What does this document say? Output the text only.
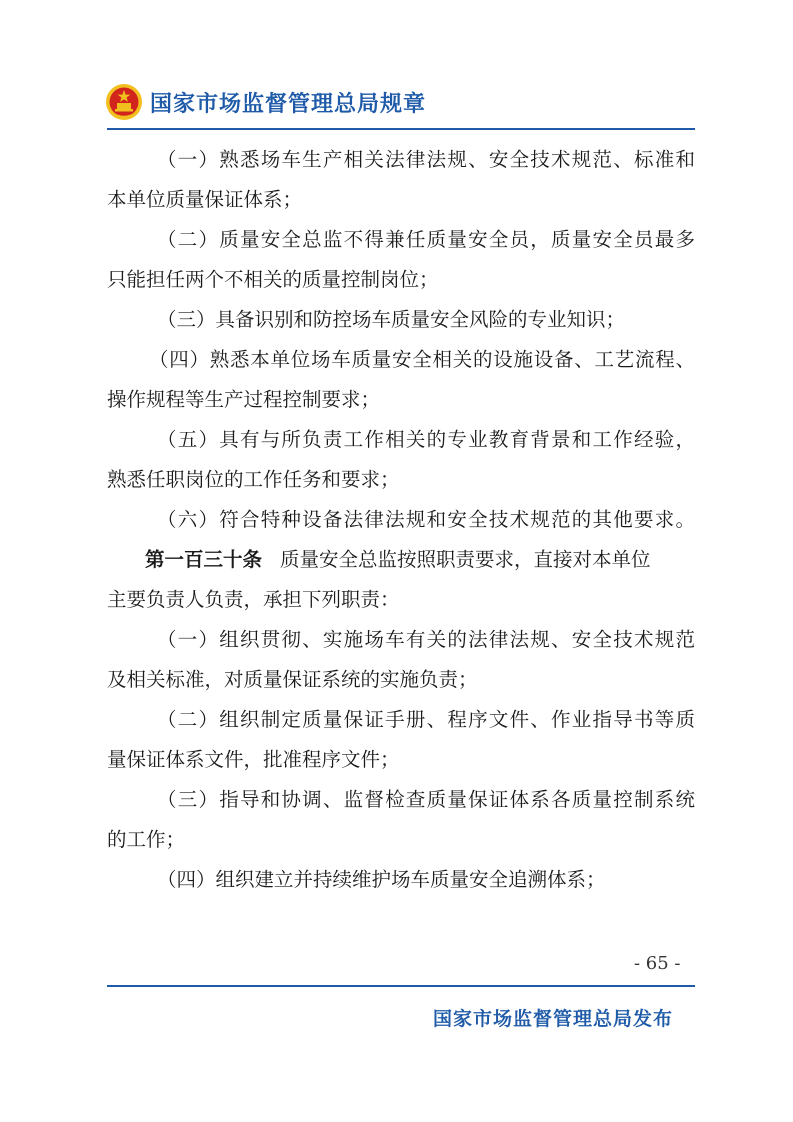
国家市场监督管理总局规章
（一）熟悉场车生产相关法律法规、安全技术规范、标准和
本单位质量保证体系；
（二）质量安全总监不得兼任质量安全员，质量安全员最多
只能担任两个不相关的质量控制岗位；
（三）具备识别和防控场车质量安全风险的专业知识；
（四）熟悉本单位场车质量安全相关的设施设备、工艺流程、
操作规程等生产过程控制要求；
（五）具有与所负责工作相关的专业教育背景和工作经验，
熟悉任职岗位的工作任务和要求；
（六）符合特种设备法律法规和安全技术规范的其他要求。
第一百三十条 质量安全总监按照职责要求，直接对本单位
主要负责人负责，承担下列职责：
（一）组织贯彻、实施场车有关的法律法规、安全技术规范
及相关标准，对质量保证系统的实施负责；
（二）组织制定质量保证手册、程序文件、作业指导书等质
量保证体系文件，批准程序文件；
（三）指导和协调、监督检查质量保证体系各质量控制系统
的工作；
（四）组织建立并持续维护场车质量安全追溯体系；
- 65 -
国家市场监督管理总局发布
